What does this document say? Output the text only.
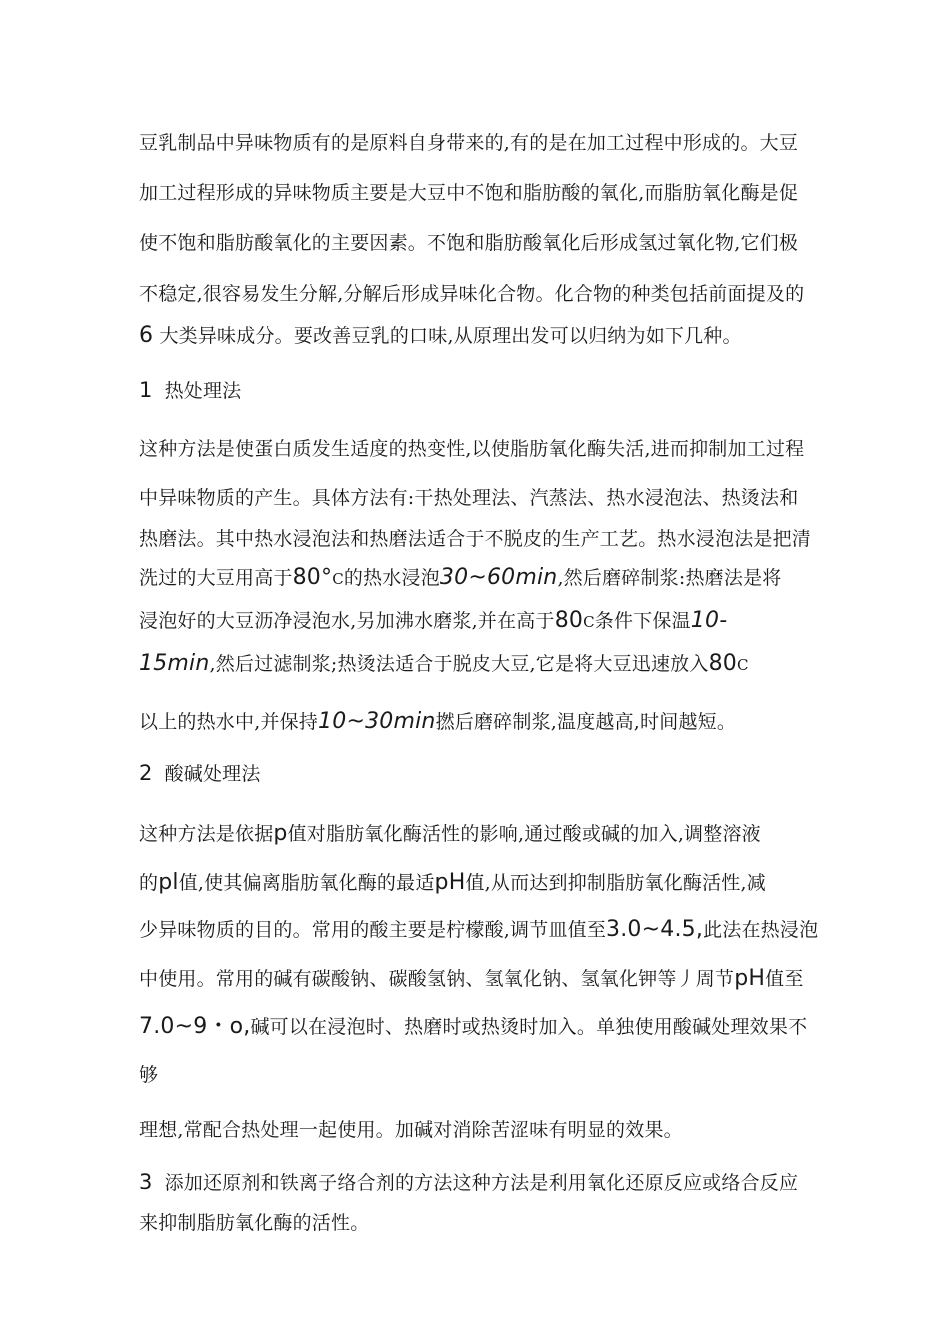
豆乳制品中异味物质有的是原料自身带来的,有的是在加工过程中形成的。大豆
加工过程形成的异味物质主要是大豆中不饱和脂肪酸的氧化,而脂肪氧化酶是促
使不饱和脂肪酸氧化的主要因素。不饱和脂肪酸氧化后形成氢过氧化物,它们极
不稳定,很容易发生分解,分解后形成异味化合物。化合物的种类包括前面提及的
6 大类异味成分。要改善豆乳的口味,从原理出发可以归纳为如下几种。
1 热处理法
这种方法是使蛋白质发生适度的热变性,以使脂肪氧化酶失活,进而抑制加工过程
中异味物质的产生。具体方法有:干热处理法、汽蒸法、热水浸泡法、热烫法和
热磨法。其中热水浸泡法和热磨法适合于不脱皮的生产工艺。热水浸泡法是把清
洗过的大豆用高于80°C的热水浸泡30~60min,然后磨碎制浆:热磨法是将
浸泡好的大豆沥净浸泡水,另加沸水磨浆,并在高于80C条件下保温10-
15min,然后过滤制浆;热烫法适合于脱皮大豆,它是将大豆迅速放入80C
以上的热水中,并保持10~30min撚后磨碎制浆,温度越高,时间越短。
2 酸碱处理法
这种方法是依据p值对脂肪氧化酶活性的影响,通过酸或碱的加入,调整溶液
的pl值,使其偏离脂肪氧化酶的最适pH值,从而达到抑制脂肪氧化酶活性,减
少异味物质的目的。常用的酸主要是柠檬酸,调节皿值至3.0~4.5,此法在热浸泡
中使用。常用的碱有碳酸钠、碳酸氢钠、氢氧化钠、氢氧化钾等丿周节pH值至
7.0~9・o,碱可以在浸泡时、热磨时或热烫时加入。单独使用酸碱处理效果不
够
理想,常配合热处理一起使用。加碱对消除苦涩味有明显的效果。
3 添加还原剂和铁离子络合剂的方法这种方法是利用氧化还原反应或络合反应
来抑制脂肪氧化酶的活性。
